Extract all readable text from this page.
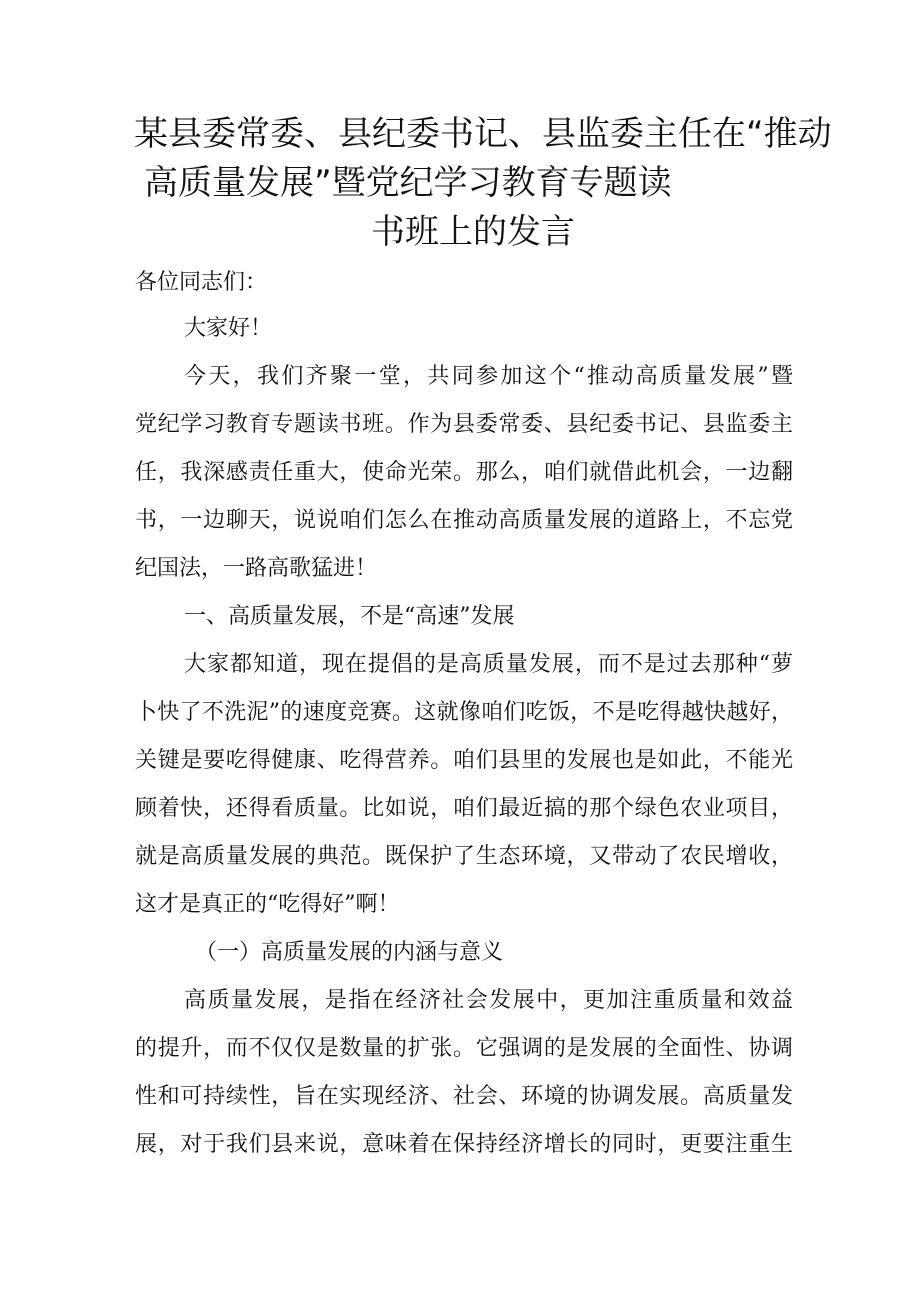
某县委常委、县纪委书记、县监委主任在“推动
高质量发展”暨党纪学习教育专题读
书班上的发言
各位同志们：
大家好！
今天，我们齐聚一堂，共同参加这个“推动高质量发展”暨
党纪学习教育专题读书班。作为县委常委、县纪委书记、县监委主
任，我深感责任重大，使命光荣。那么，咱们就借此机会，一边翻
书，一边聊天，说说咱们怎么在推动高质量发展的道路上，不忘党
纪国法，一路高歌猛进！
一、高质量发展，不是“高速”发展
大家都知道，现在提倡的是高质量发展，而不是过去那种“萝
卜快了不洗泥”的速度竞赛。这就像咱们吃饭，不是吃得越快越好，
关键是要吃得健康、吃得营养。咱们县里的发展也是如此，不能光
顾着快，还得看质量。比如说，咱们最近搞的那个绿色农业项目，
就是高质量发展的典范。既保护了生态环境，又带动了农民增收，
这才是真正的“吃得好”啊！
（一）高质量发展的内涵与意义
高质量发展，是指在经济社会发展中，更加注重质量和效益
的提升，而不仅仅是数量的扩张。它强调的是发展的全面性、协调
性和可持续性，旨在实现经济、社会、环境的协调发展。高质量发
展，对于我们县来说，意味着在保持经济增长的同时，更要注重生
